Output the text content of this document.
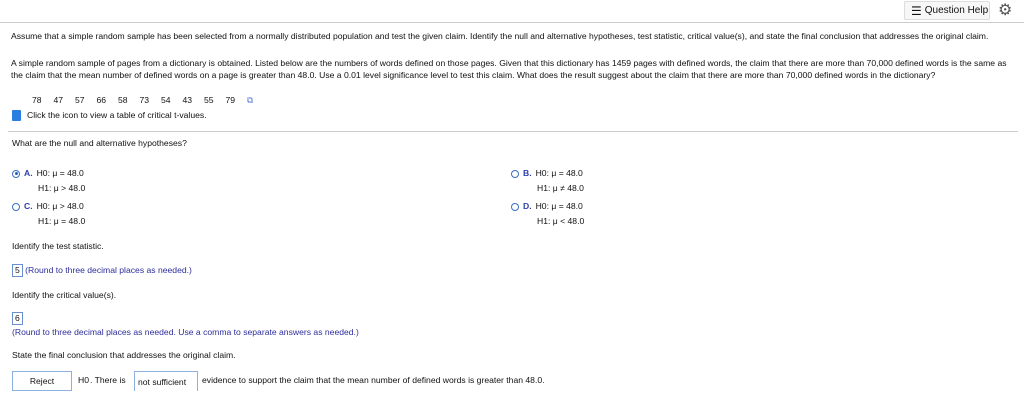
☰ Question Help ⚙
Assume that a simple random sample has been selected from a normally distributed population and test the given claim. Identify the null and alternative hypotheses, test statistic, critical value(s), and state the final conclusion that addresses the original claim.
A simple random sample of pages from a dictionary is obtained. Listed below are the numbers of words defined on those pages. Given that this dictionary has 1459 pages with defined words, the claim that there are more than 70,000 defined words is the same as the claim that the mean number of defined words on a page is greater than 48.0. Use a 0.01 level significance level to test this claim. What does the result suggest about the claim that there are more than 70,000 defined words in the dictionary?
78 47 57 66 58 73 54 43 55 79 ⧉
Click the icon to view a table of critical t-values.
What are the null and alternative hypotheses?
A. H0: μ = 48.0
H1: μ > 48.0
B. H0: μ = 48.0
H1: μ ≠ 48.0
C. H0: μ > 48.0
H1: μ = 48.0
D. H0: μ = 48.0
H1: μ < 48.0
Identify the test statistic.
5 (Round to three decimal places as needed.)
Identify the critical value(s).
6
(Round to three decimal places as needed. Use a comma to separate answers as needed.)
State the final conclusion that addresses the original claim.
Reject	H0 . There is not sufficient evidence to support the claim that the mean number of defined words is greater than 48.0.
